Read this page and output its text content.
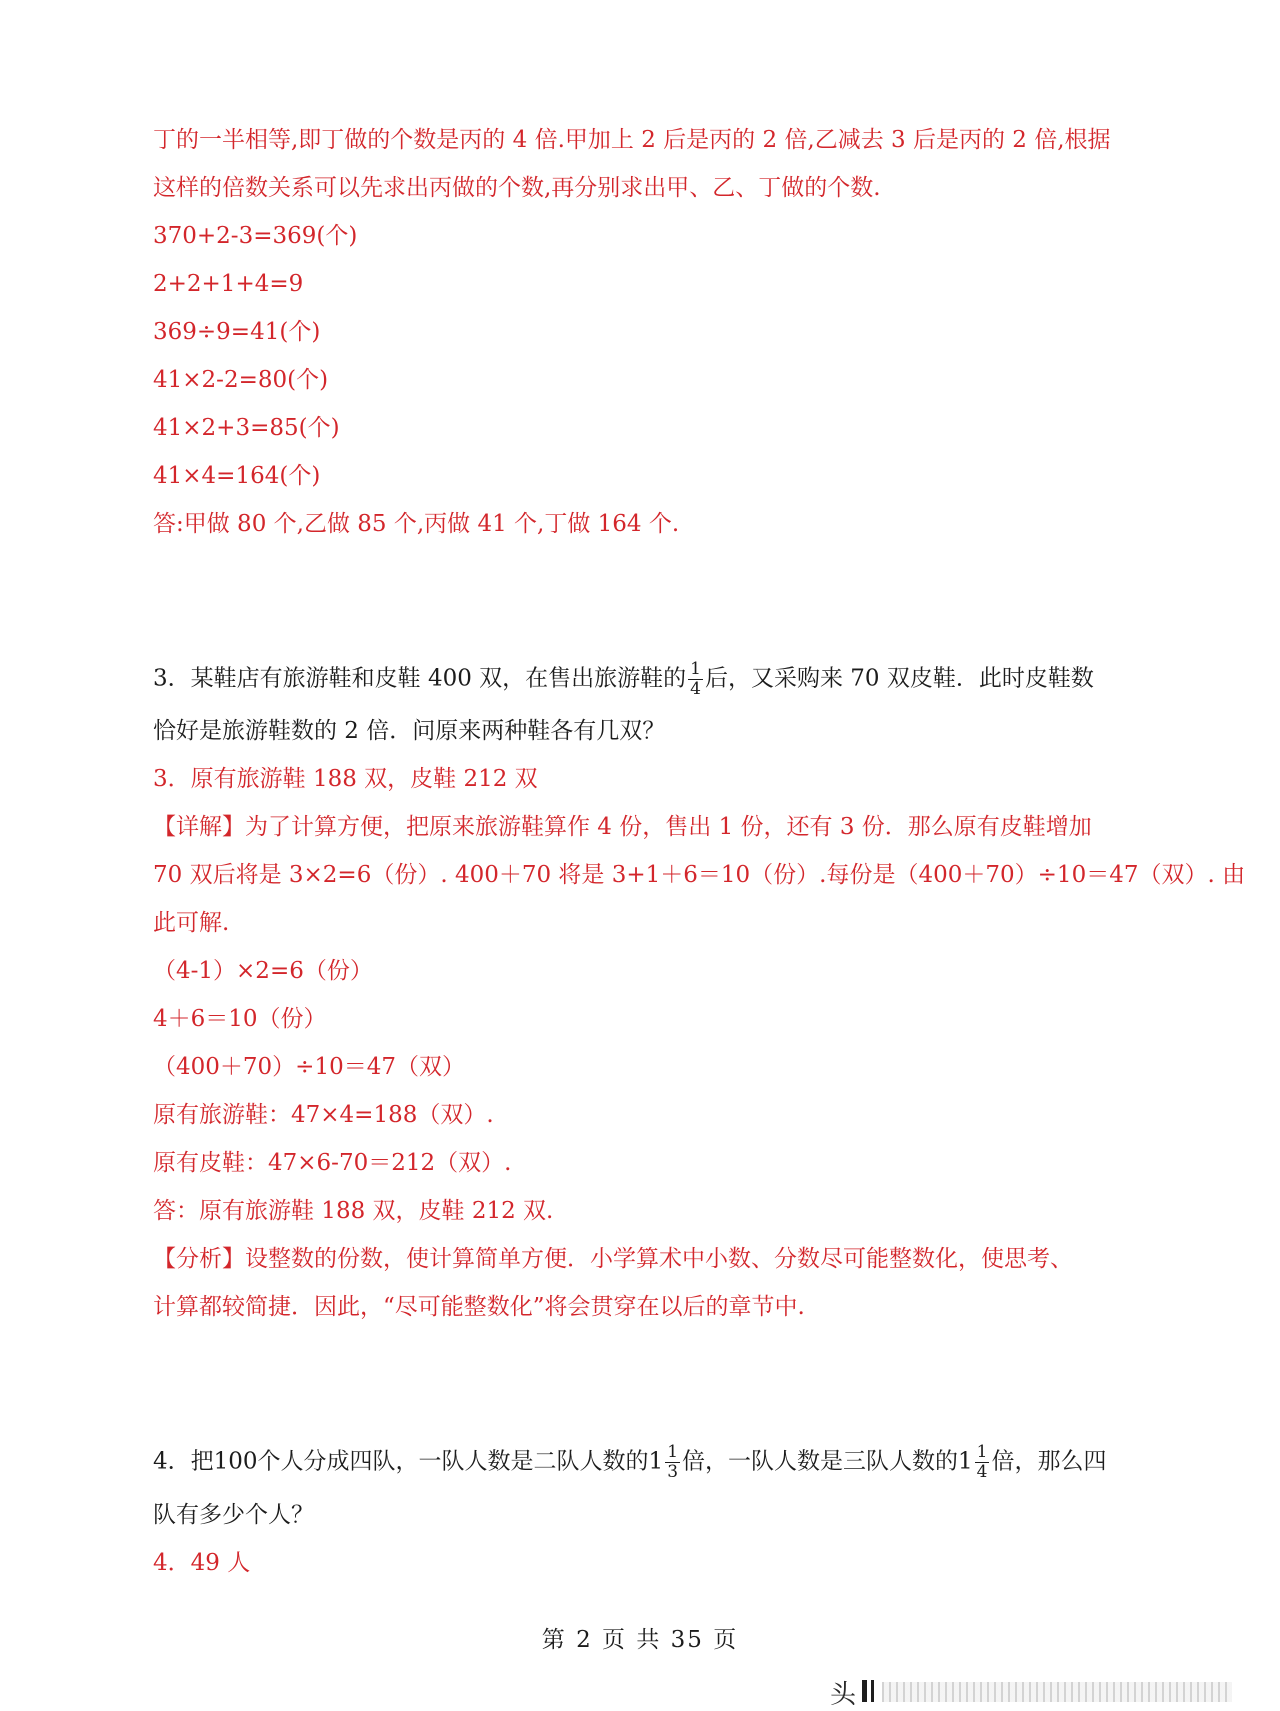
丁的一半相等,即丁做的个数是丙的 4 倍.甲加上 2 后是丙的 2 倍,乙减去 3 后是丙的 2 倍,根据
这样的倍数关系可以先求出丙做的个数,再分别求出甲、乙、丁做的个数.
370+2-3=369(个)
2+2+1+4=9
369÷9=41(个)
41×2-2=80(个)
41×2+3=85(个)
41×4=164(个)
答:甲做 80 个,乙做 85 个,丙做 41 个,丁做 164 个.
3．某鞋店有旅游鞋和皮鞋 400 双，在售出旅游鞋的 $\frac{1}{4}$ 后，又采购来 70 双皮鞋．此时皮鞋数
恰好是旅游鞋数的 2 倍．问原来两种鞋各有几双？
3．原有旅游鞋 188 双，皮鞋 212 双
【详解】为了计算方便，把原来旅游鞋算作 4 份，售出 1 份，还有 3 份．那么原有皮鞋增加
70 双后将是 3×2=6（份）. 400＋70 将是 3+1＋6＝10（份）.每份是（400＋70）÷10＝47（双）. 由
此可解.
（4-1）×2=6（份）
4＋6＝10（份）
（400＋70）÷10＝47（双）
原有旅游鞋：47×4=188（双）.
原有皮鞋：47×6-70＝212（双）.
答：原有旅游鞋 188 双，皮鞋 212 双.
【分析】设整数的份数，使计算简单方便．小学算术中小数、分数尽可能整数化，使思考、
计算都较简捷．因此，“尽可能整数化”将会贯穿在以后的章节中.
4．把100个人分成四队，一队人数是二队人数的$1 \frac{1}{3}$ 倍，一队人数是三队人数的$1 \frac{1}{4}$ 倍，那么四
队有多少个人？
4．49 人
第 2 页 共 35 页
头
